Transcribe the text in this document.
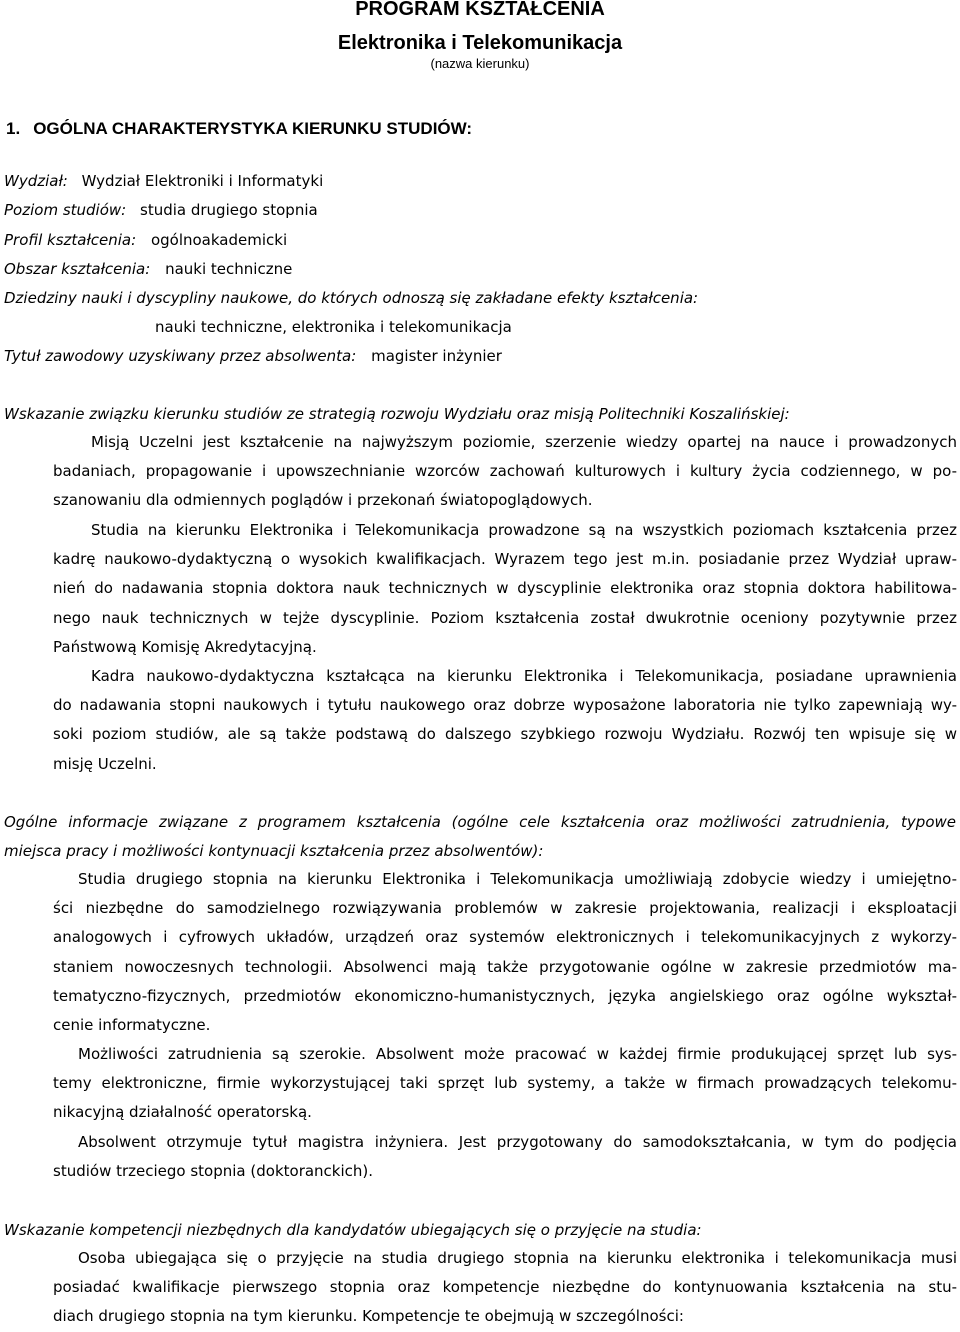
PROGRAM KSZTAŁCENIA
Elektronika i Telekomunikacja
(nazwa kierunku)
1. OGÓLNA CHARAKTERYSTYKA KIERUNKU STUDIÓW:
Wydział: Wydział Elektroniki i Informatyki
Poziom studiów: studia drugiego stopnia
Profil kształcenia: ogólnoakademicki
Obszar kształcenia: nauki techniczne
Dziedziny nauki i dyscypliny naukowe, do których odnoszą się zakładane efekty kształcenia:
nauki techniczne, elektronika i telekomunikacja
Tytuł zawodowy uzyskiwany przez absolwenta: magister inżynier
Wskazanie związku kierunku studiów ze strategią rozwoju Wydziału oraz misją Politechniki Koszalińskiej:
Misją Uczelni jest kształcenie na najwyższym poziomie, szerzenie wiedzy opartej na nauce i prowadzonych
badaniach, propagowanie i upowszechnianie wzorców zachowań kulturowych i kultury życia codziennego, w po-
szanowaniu dla odmiennych poglądów i przekonań światopoglądowych.
Studia na kierunku Elektronika i Telekomunikacja prowadzone są na wszystkich poziomach kształcenia przez
kadrę naukowo-dydaktyczną o wysokich kwalifikacjach. Wyrazem tego jest m.in. posiadanie przez Wydział upraw-
nień do nadawania stopnia doktora nauk technicznych w dyscyplinie elektronika oraz stopnia doktora habilitowa-
nego nauk technicznych w tejże dyscyplinie. Poziom kształcenia został dwukrotnie oceniony pozytywnie przez
Państwową Komisję Akredytacyjną.
Kadra naukowo-dydaktyczna kształcąca na kierunku Elektronika i Telekomunikacja, posiadane uprawnienia
do nadawania stopni naukowych i tytułu naukowego oraz dobrze wyposażone laboratoria nie tylko zapewniają wy-
soki poziom studiów, ale są także podstawą do dalszego szybkiego rozwoju Wydziału. Rozwój ten wpisuje się w
misję Uczelni.
Ogólne informacje związane z programem kształcenia (ogólne cele kształcenia oraz możliwości zatrudnienia, typowe
miejsca pracy i możliwości kontynuacji kształcenia przez absolwentów):
Studia drugiego stopnia na kierunku Elektronika i Telekomunikacja umożliwiają zdobycie wiedzy i umiejętno-
ści niezbędne do samodzielnego rozwiązywania problemów w zakresie projektowania, realizacji i eksploatacji
analogowych i cyfrowych układów, urządzeń oraz systemów elektronicznych i telekomunikacyjnych z wykorzy-
staniem nowoczesnych technologii. Absolwenci mają także przygotowanie ogólne w zakresie przedmiotów ma-
tematyczno-fizycznych, przedmiotów ekonomiczno-humanistycznych, języka angielskiego oraz ogólne wykształ-
cenie informatyczne.
Możliwości zatrudnienia są szerokie. Absolwent może pracować w każdej firmie produkującej sprzęt lub sys-
temy elektroniczne, firmie wykorzystującej taki sprzęt lub systemy, a także w firmach prowadzących telekomu-
nikacyjną działalność operatorską.
Absolwent otrzymuje tytuł magistra inżyniera. Jest przygotowany do samodokształcania, w tym do podjęcia
studiów trzeciego stopnia (doktoranckich).
Wskazanie kompetencji niezbędnych dla kandydatów ubiegających się o przyjęcie na studia:
Osoba ubiegająca się o przyjęcie na studia drugiego stopnia na kierunku elektronika i telekomunikacja musi
posiadać kwalifikacje pierwszego stopnia oraz kompetencje niezbędne do kontynuowania kształcenia na stu-
diach drugiego stopnia na tym kierunku. Kompetencje te obejmują w szczególności:
